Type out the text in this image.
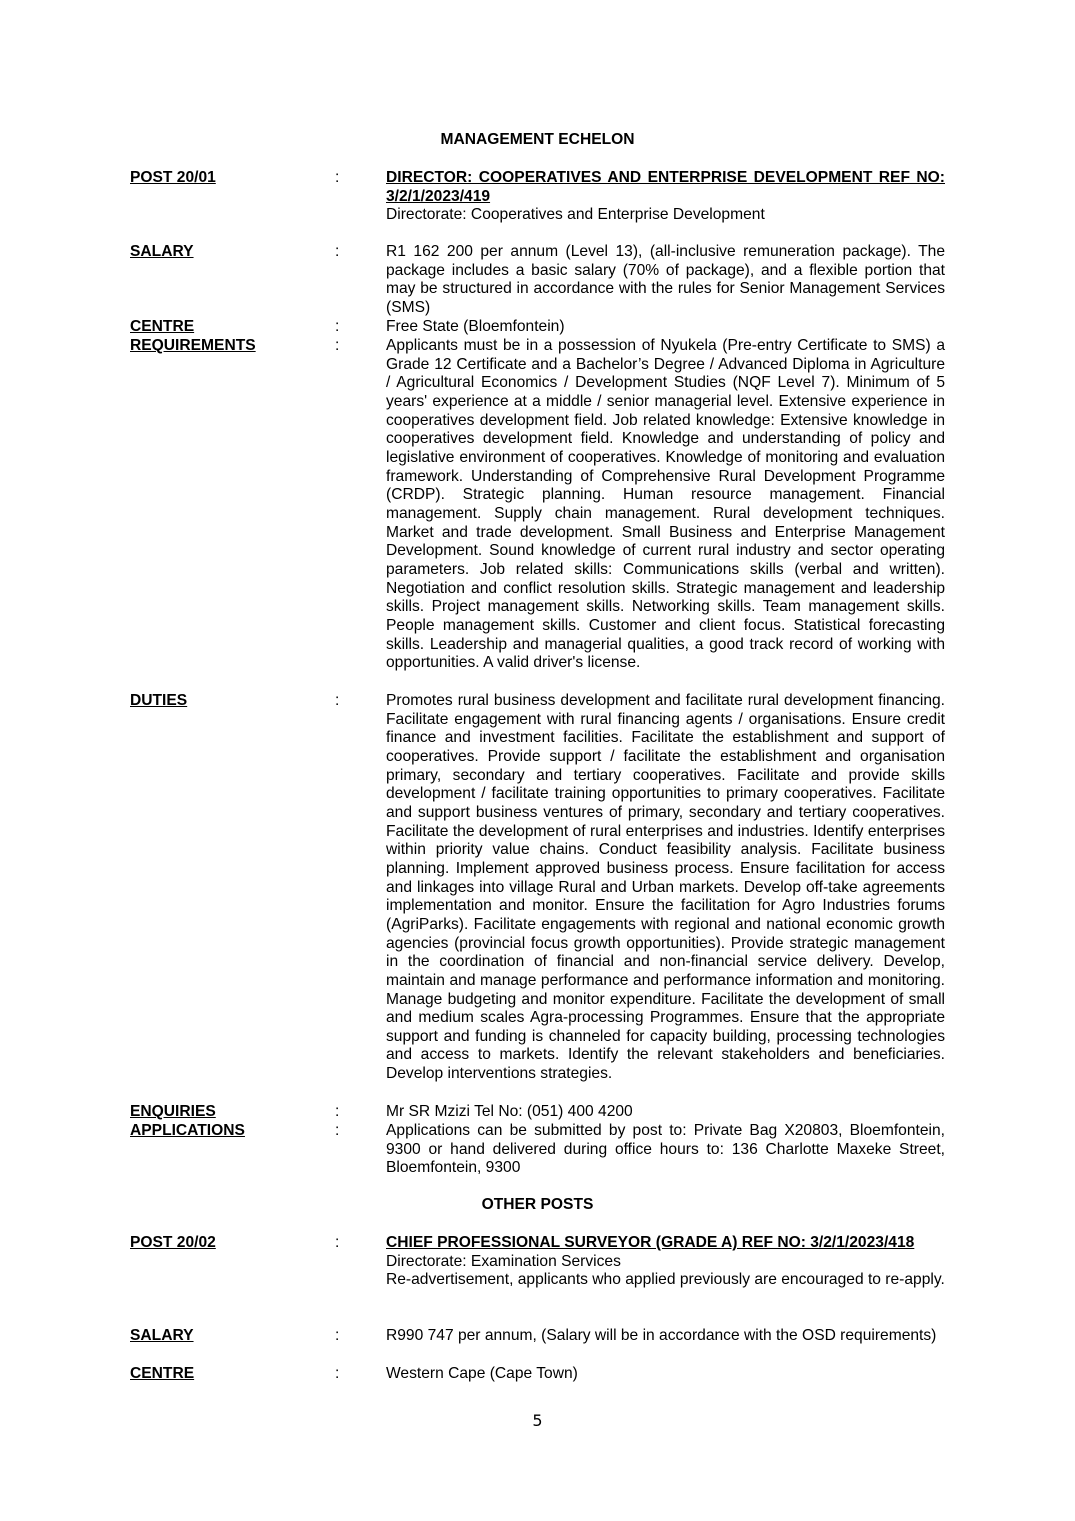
MANAGEMENT ECHELON
POST 20/01	:	DIRECTOR: COOPERATIVES AND ENTERPRISE DEVELOPMENT REF NO: 3/2/1/2023/419
Directorate: Cooperatives and Enterprise Development
SALARY	:	R1 162 200 per annum (Level 13), (all-inclusive remuneration package). The package includes a basic salary (70% of package), and a flexible portion that may be structured in accordance with the rules for Senior Management Services (SMS)
CENTRE	:	Free State (Bloemfontein)
REQUIREMENTS	:	Applicants must be in a possession of Nyukela (Pre-entry Certificate to SMS) a Grade 12 Certificate and a Bachelor’s Degree / Advanced Diploma in Agriculture / Agricultural Economics / Development Studies (NQF Level 7). Minimum of 5 years' experience at a middle / senior managerial level. Extensive experience in cooperatives development field. Job related knowledge: Extensive knowledge in cooperatives development field. Knowledge and understanding of policy and legislative environment of cooperatives. Knowledge of monitoring and evaluation framework. Understanding of Comprehensive Rural Development Programme (CRDP). Strategic planning. Human resource management. Financial management. Supply chain management. Rural development techniques. Market and trade development. Small Business and Enterprise Management Development. Sound knowledge of current rural industry and sector operating parameters. Job related skills: Communications skills (verbal and written). Negotiation and conflict resolution skills. Strategic management and leadership skills. Project management skills. Networking skills. Team management skills. People management skills. Customer and client focus. Statistical forecasting skills. Leadership and managerial qualities, a good track record of working with opportunities. A valid driver's license.
DUTIES	:	Promotes rural business development and facilitate rural development financing. Facilitate engagement with rural financing agents / organisations. Ensure credit finance and investment facilities. Facilitate the establishment and support of cooperatives. Provide support / facilitate the establishment and organisation primary, secondary and tertiary cooperatives. Facilitate and provide skills development / facilitate training opportunities to primary cooperatives. Facilitate and support business ventures of primary, secondary and tertiary cooperatives. Facilitate the development of rural enterprises and industries. Identify enterprises within priority value chains. Conduct feasibility analysis. Facilitate business planning. Implement approved business process. Ensure facilitation for access and linkages into village Rural and Urban markets. Develop off-take agreements implementation and monitor. Ensure the facilitation for Agro Industries forums (AgriParks). Facilitate engagements with regional and national economic growth agencies (provincial focus growth opportunities). Provide strategic management in the coordination of financial and non-financial service delivery. Develop, maintain and manage performance and performance information and monitoring. Manage budgeting and monitor expenditure. Facilitate the development of small and medium scales Agra-processing Programmes. Ensure that the appropriate support and funding is channeled for capacity building, processing technologies and access to markets. Identify the relevant stakeholders and beneficiaries. Develop interventions strategies.
ENQUIRIES	:	Mr SR Mzizi Tel No: (051) 400 4200
APPLICATIONS	:	Applications can be submitted by post to: Private Bag X20803, Bloemfontein, 9300 or hand delivered during office hours to: 136 Charlotte Maxeke Street, Bloemfontein, 9300
OTHER POSTS
POST 20/02	:	CHIEF PROFESSIONAL SURVEYOR (GRADE A) REF NO: 3/2/1/2023/418
Directorate: Examination Services
Re-advertisement, applicants who applied previously are encouraged to re-apply.
SALARY	:	R990 747 per annum, (Salary will be in accordance with the OSD requirements)
CENTRE	:	Western Cape (Cape Town)
5
